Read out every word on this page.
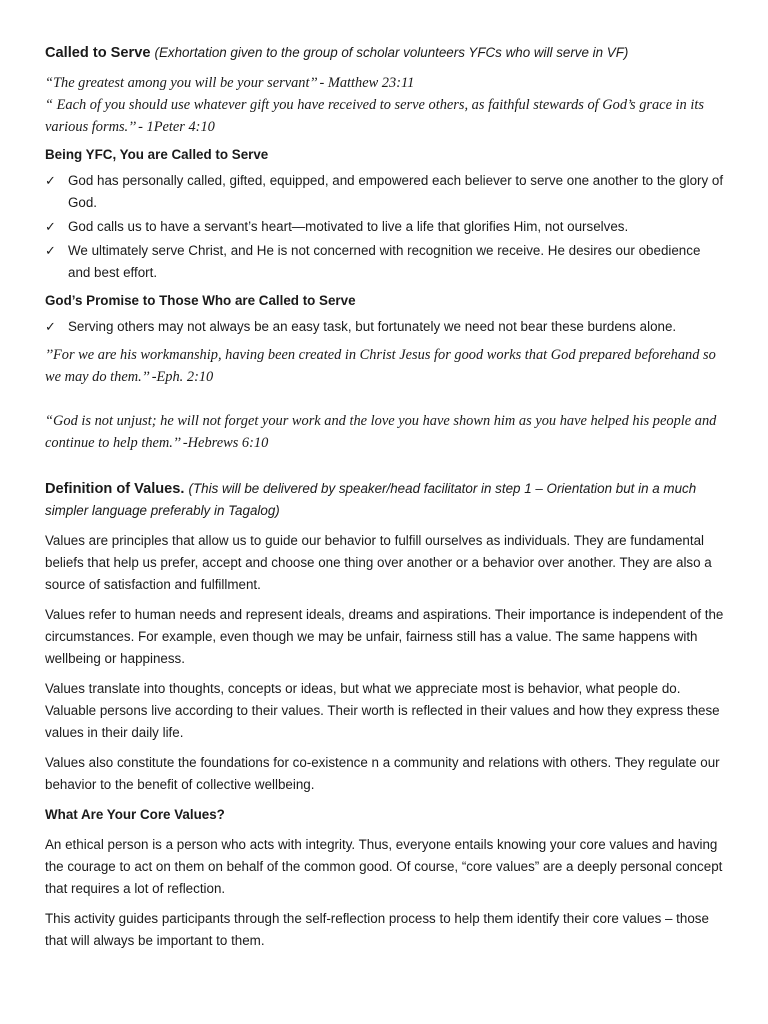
Called to Serve (Exhortation given to the group of scholar volunteers YFCs who will serve in VF)

“The greatest among you will be your servant’’ - Matthew 23:11

“ Each of you should use whatever gift you have received to serve others, as faithful stewards of God’s grace in its various forms.’’ - 1Peter 4:10

Being YFC, You are Called to Serve

✓ God has personally called, gifted, equipped, and empowered each believer to serve one another to the glory of God.
✓ God calls us to have a servant’s heart—motivated to live a life that glorifies Him, not ourselves.
✓ We ultimately serve Christ, and He is not concerned with recognition we receive. He desires our obedience and best effort.

God’s Promise to Those Who are Called to Serve

✓ Serving others may not always be an easy task, but fortunately we need not bear these burdens alone.

’’For we are his workmanship, having been created in Christ Jesus for good works that God prepared beforehand so we may do them.’’ -Eph. 2:10

“God is not unjust; he will not forget your work and the love you have shown him as you have helped his people and continue to help them.’’ -Hebrews 6:10

Definition of Values. (This will be delivered by speaker/head facilitator in step 1 – Orientation but in a much simpler language preferably in Tagalog)

Values are principles that allow us to guide our behavior to fulfill ourselves as individuals. They are fundamental beliefs that help us prefer, accept and choose one thing over another or a behavior over another. They are also a source of satisfaction and fulfillment.

Values refer to human needs and represent ideals, dreams and aspirations. Their importance is independent of the circumstances. For example, even though we may be unfair, fairness still has a value. The same happens with wellbeing or happiness.

Values translate into thoughts, concepts or ideas, but what we appreciate most is behavior, what people do. Valuable persons live according to their values. Their worth is reflected in their values and how they express these values in their daily life.

Values also constitute the foundations for co-existence n a community and relations with others. They regulate our behavior to the benefit of collective wellbeing.

What Are Your Core Values?

An ethical person is a person who acts with integrity. Thus, everyone entails knowing your core values and having the courage to act on them on behalf of the common good. Of course, “core values” are a deeply personal concept that requires a lot of reflection.

This activity guides participants through the self-reflection process to help them identify their core values – those that will always be important to them.
